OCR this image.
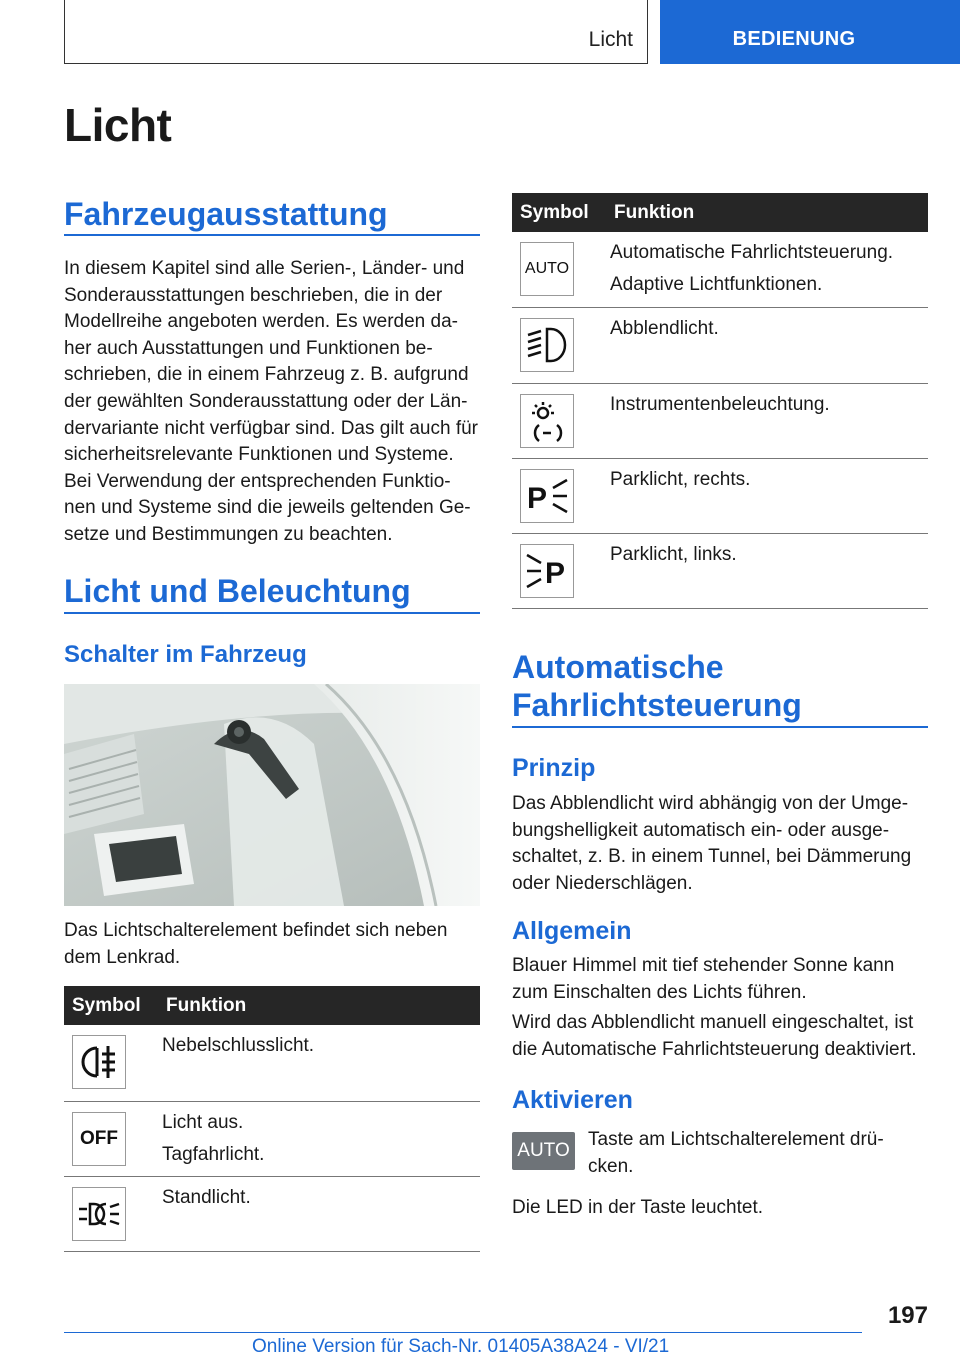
Licht	BEDIENUNG
Licht
Fahrzeugausstattung
In diesem Kapitel sind alle Serien-, Länder- und
Sonderausstattungen beschrieben, die in der
Modellreihe angeboten werden. Es werden da-
her auch Ausstattungen und Funktionen be-
schrieben, die in einem Fahrzeug z. B. aufgrund
der gewählten Sonderausstattung oder der Län-
dervariante nicht verfügbar sind. Das gilt auch für
sicherheitsrelevante Funktionen und Systeme.
Bei Verwendung der entsprechenden Funktio-
nen und Systeme sind die jeweils geltenden Ge-
setze und Bestimmungen zu beachten.
Licht und Beleuchtung
Schalter im Fahrzeug
Das Lichtschalterelement befindet sich neben
dem Lenkrad.
Symbol	Funktion

Nebelschlusslicht.

OFF	Licht aus.
Tagfahrlicht.

Standlicht.
Symbol	Funktion

AUTO	Automatische Fahrlichtsteuerung.
Adaptive Lichtfunktionen.

Abblendlicht.

Instrumentenbeleuchtung.

P	Parklicht, rechts.

P	Parklicht, links.
Automatische
Fahrlichtsteuerung
Prinzip
Das Abblendlicht wird abhängig von der Umge-
bungshelligkeit automatisch ein- oder ausge-
schaltet, z. B. in einem Tunnel, bei Dämmerung
oder Niederschlägen.
Allgemein
Blauer Himmel mit tief stehender Sonne kann
zum Einschalten des Lichts führen.
Wird das Abblendlicht manuell eingeschaltet, ist
die Automatische Fahrlichtsteuerung deaktiviert.
Aktivieren
AUTO
Taste am Lichtschalterelement drü-
cken.
Die LED in der Taste leuchtet.
197
Online Version für Sach-Nr. 01405A38A24 - VI/21
